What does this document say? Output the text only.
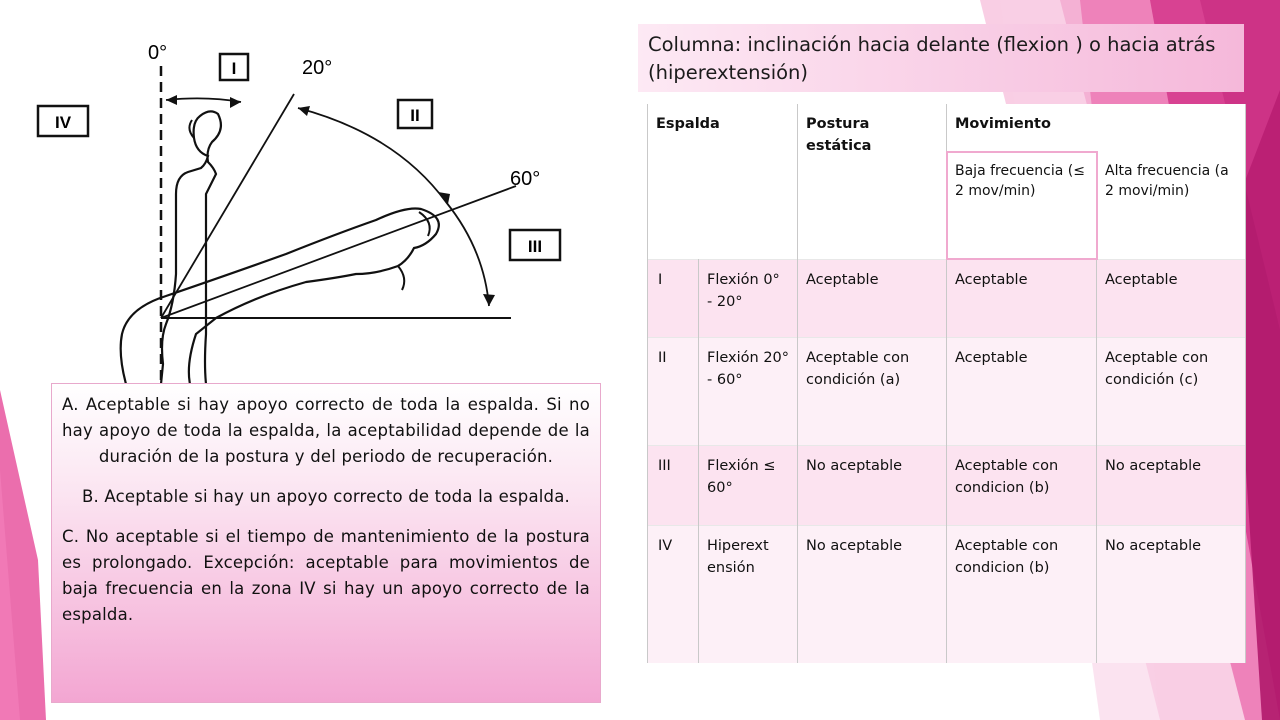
0°
20°
60°
I
II
III
IV

A. Aceptable si hay apoyo correcto de toda la espalda. Si no hay apoyo de toda la espalda, la aceptabilidad depende de la duración de la postura y del periodo de recuperación.

B. Aceptable si hay un apoyo correcto de toda la espalda.

C. No aceptable si el tiempo de mantenimiento de la postura es prolongado. Excepción: aceptable para movimientos de baja frecuencia en la zona IV si hay un apoyo correcto de la espalda.

Columna: inclinación hacia delante (flexion ) o hacia atrás (hiperextensión)
Espalda		Postura estática	Movimiento	
			Baja frecuencia (≤ 2 mov/min)	Alta frecuencia (a 2 movi/min)
I	Flexión 0° - 20°	Aceptable	Aceptable	Aceptable
II	Flexión 20° - 60°	Aceptable con condición (a)	Aceptable	Aceptable con condición (c)
III	Flexión ≤ 60°	No aceptable	Aceptable con condicion (b)	No aceptable
IV	Hiperext ensión	No aceptable	Aceptable con condicion (b)	No aceptable
